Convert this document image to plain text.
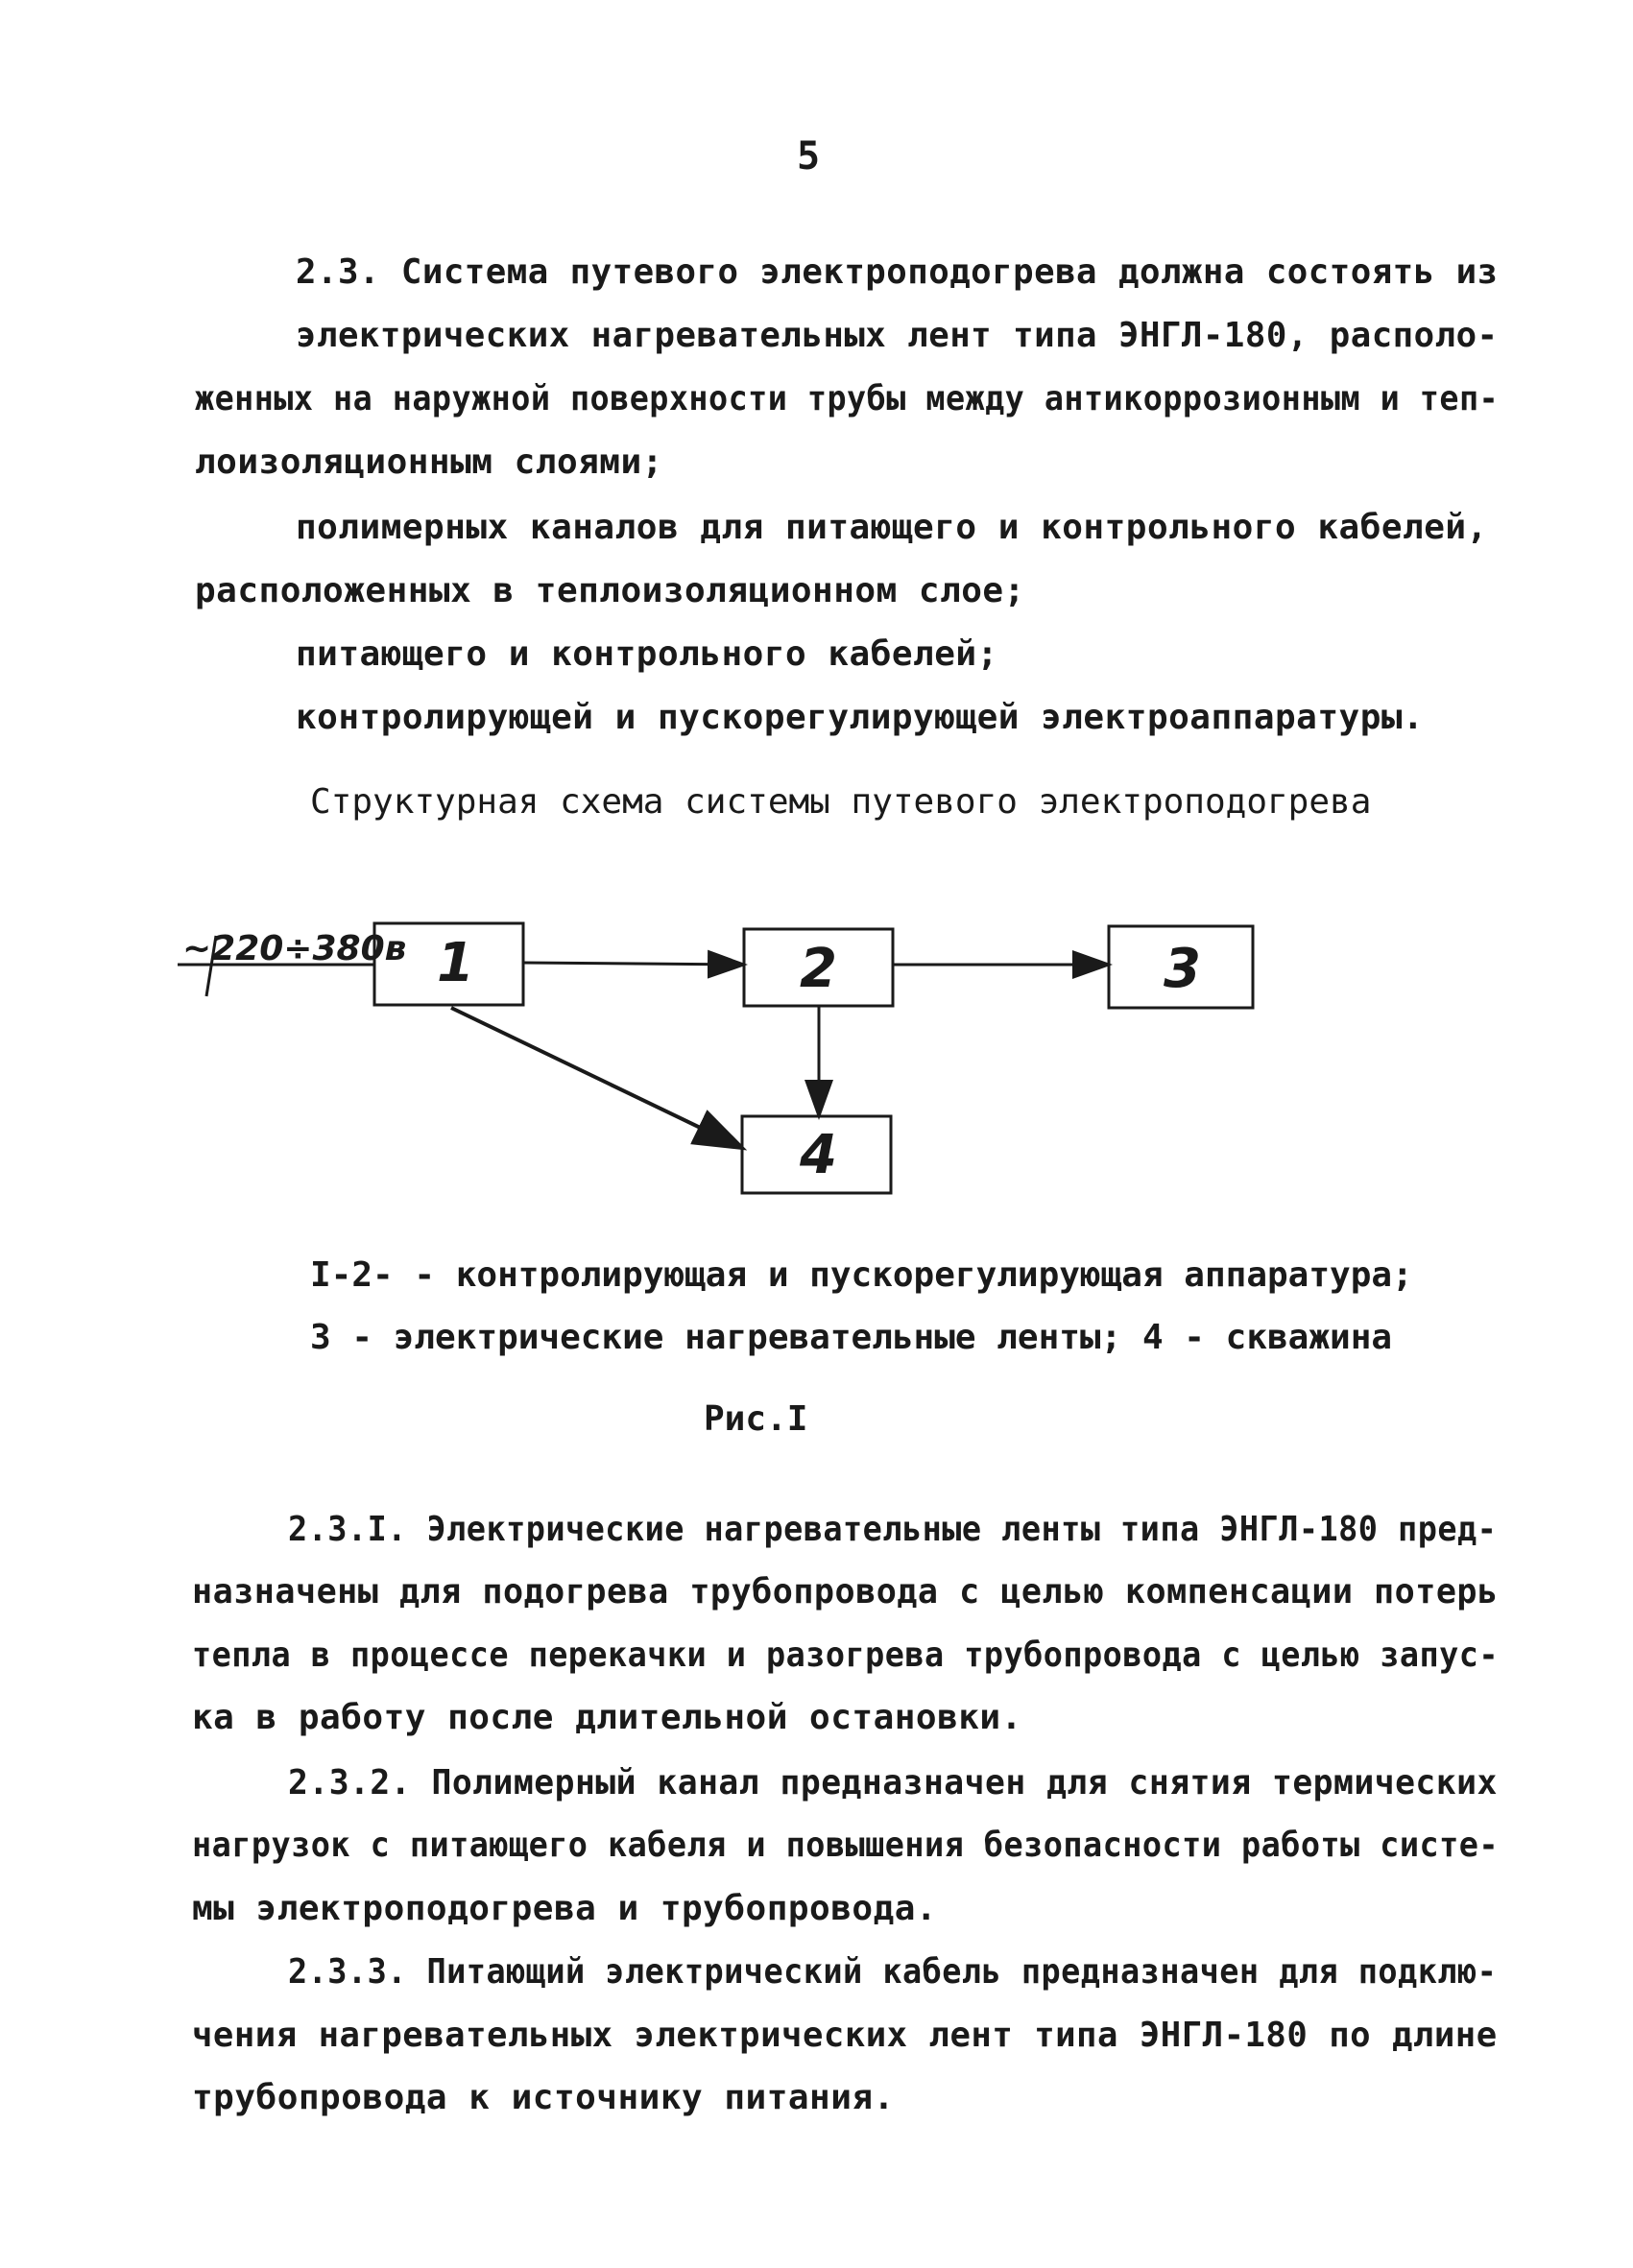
5
2.3. Система путевого электроподогрева должна состоять из
электрических нагревательных лент типа ЭНГЛ-180, располо-
женных на наружной поверхности трубы между антикоррозионным и теп-
лоизоляционным слоями;
полимерных каналов для питающего и контрольного кабелей,
расположенных в теплоизоляционном слое;
питающего и контрольного кабелей;
контролирующей и пускорегулирующей электроаппаратуры.
Структурная схема системы путевого электроподогрева
~220÷380в 1	2	3
4
I-2- - контролирующая и пускорегулирующая аппаратура;
3 - электрические нагревательные ленты; 4 - скважина
Рис.I
2.3.I. Электрические нагревательные ленты типа ЭНГЛ-180 пред-
назначены для подогрева трубопровода с целью компенсации потерь
тепла в процессе перекачки и разогрева трубопровода с целью запус-
ка в работу после длительной остановки.
2.3.2. Полимерный канал предназначен для снятия термических
нагрузок с питающего кабеля и повышения безопасности работы систе-
мы электроподогрева и трубопровода.
2.3.3. Питающий электрический кабель предназначен для подклю-
чения нагревательных электрических лент типа ЭНГЛ-180 по длине
трубопровода к источнику питания.
